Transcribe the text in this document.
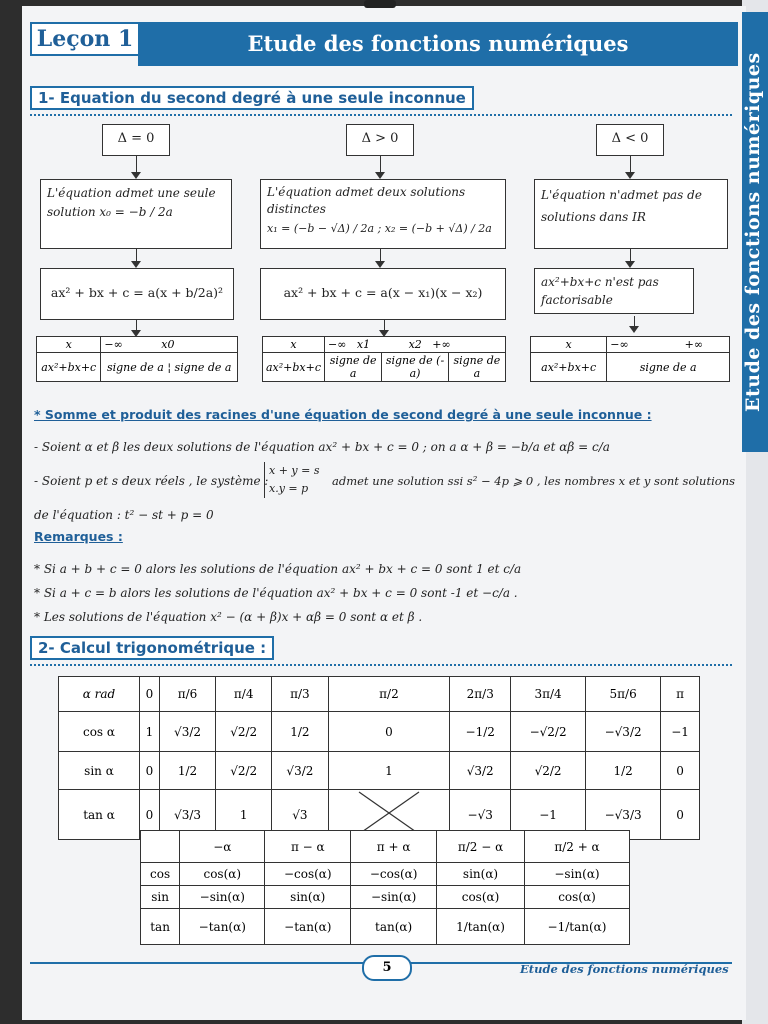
Etude des fonctions numériques
Leçon 1	Etude des fonctions numériques
1- Equation du second degré à une seule inconnue
Δ = 0	Δ > 0	Δ < 0
L'équation admet une seule solution x₀ = −b / 2a
L'équation admet deux solutions distinctes
x₁ = (−b − √Δ) / 2a ; x₂ = (−b + √Δ) / 2a
L'équation n'admet pas de solutions dans IR
ax² + bx + c = a(x + b/2a)²	ax² + bx + c = a(x − x₁)(x − x₂)
ax²+bx+c n'est pas factorisable
x	−∞ x0
ax²+bx+c	signe de a ¦ signe de a
x	−∞ x1 x2 +∞		
ax²+bx+c	signe de a	signe de (-a)	signe de a
x	−∞ +∞
ax²+bx+c	signe de a
* Somme et produit des racines d'une équation de second degré à une seule inconnue :
- Soient α et β les deux solutions de l'équation ax² + bx + c = 0 ; on a α + β = −b/a et αβ = c/a
- Soient p et s deux réels , le système :
x + y = s
x.y = p
admet une solution ssi s² − 4p ⩾ 0 , les nombres x et y sont solutions
de l'équation : t² − st + p = 0
Remarques :
* Si a + b + c = 0 alors les solutions de l'équation ax² + bx + c = 0 sont 1 et c/a
* Si a + c = b alors les solutions de l'équation ax² + bx + c = 0 sont -1 et −c/a .
* Les solutions de l'équation x² − (α + β)x + αβ = 0 sont α et β .
2- Calcul trigonométrique :
α rad	0	π/6	π/4	π/3	π/2	2π/3	3π/4	5π/6	π
cos α	1	√3/2	√2/2	1/2	0	−1/2	−√2/2	−√3/2	−1
sin α	0	1/2	√2/2	√3/2	1	√3/2	√2/2	1/2	0
tan α	0	√3/3	1	√3		−√3	−1	−√3/3	0
	−α	π − α	π + α	π/2 − α	π/2 + α
cos	cos(α)	−cos(α)	−cos(α)	sin(α)	−sin(α)
sin	−sin(α)	sin(α)	−sin(α)	cos(α)	cos(α)
tan	−tan(α)	−tan(α)	tan(α)	1/tan(α)	−1/tan(α)
5	Etude des fonctions numériques
